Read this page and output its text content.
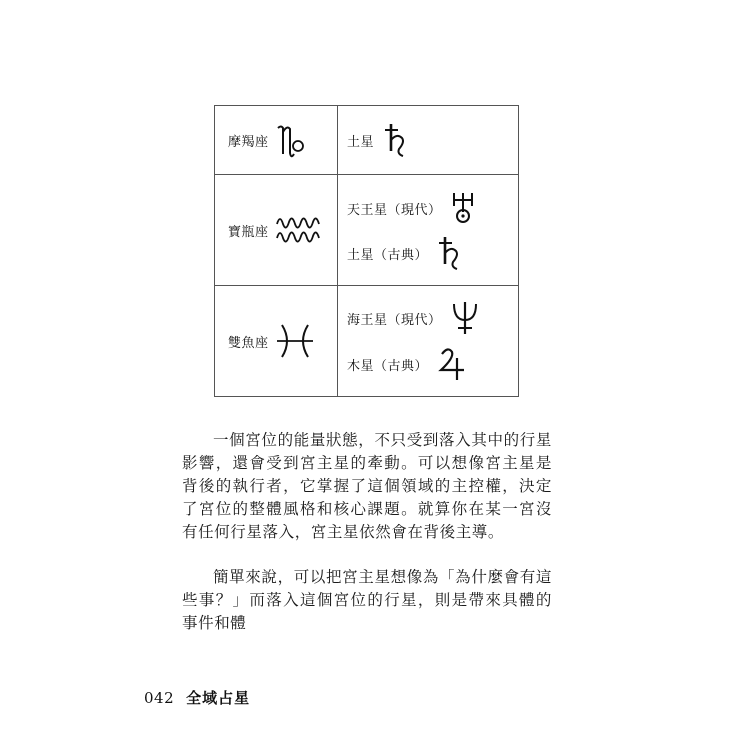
摩羯座	土星

寶瓶座	天王星（現代）
土星（古典）

雙魚座	海王星（現代）
木星（古典）

一個宮位的能量狀態，不只受到落入其中的行星影響，還會受到宮主星的牽動。可以想像宮主星是背後的執行者，它掌握了這個領域的主控權，決定了宮位的整體風格和核心課題。就算你在某一宮沒有任何行星落入，宮主星依然會在背後主導。

簡單來說，可以把宮主星想像為「為什麼會有這些事？」而落入這個宮位的行星，則是帶來具體的事件和體

042 全域占星
